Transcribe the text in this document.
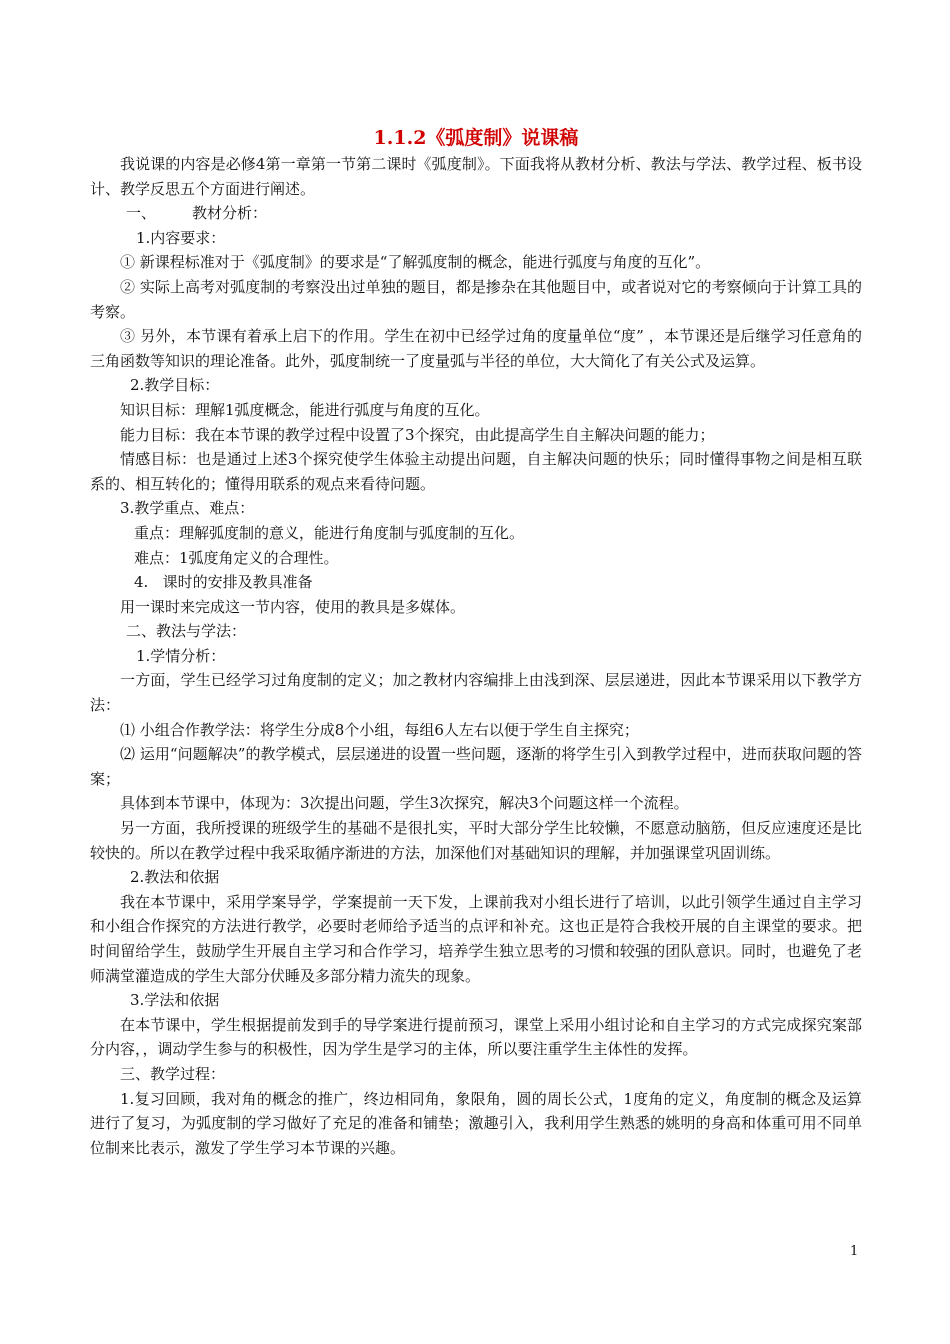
1.1.2《弧度制》说课稿

我说课的内容是必修4第一章第一节第二课时《弧度制》。下面我将从教材分析、教法与学法、教学过程、板书设计、教学反思五个方面进行阐述。

一、 教材分析：

1.内容要求：

① 新课程标准对于《弧度制》的要求是“了解弧度制的概念，能进行弧度与角度的互化”。

② 实际上高考对弧度制的考察没出过单独的题目，都是掺杂在其他题目中，或者说对它的考察倾向于计算工具的考察。

③ 另外，本节课有着承上启下的作用。学生在初中已经学过角的度量单位“度” ，本节课还是后继学习任意角的三角函数等知识的理论准备。此外，弧度制统一了度量弧与半径的单位，大大简化了有关公式及运算。

2.教学目标：

知识目标：理解1弧度概念，能进行弧度与角度的互化。

能力目标：我在本节课的教学过程中设置了3个探究，由此提高学生自主解决问题的能力；

情感目标：也是通过上述3个探究使学生体验主动提出问题，自主解决问题的快乐；同时懂得事物之间是相互联系的、相互转化的；懂得用联系的观点来看待问题。

3.教学重点、难点：

重点：理解弧度制的意义，能进行角度制与弧度制的互化。

难点：1弧度角定义的合理性。

4.   课时的安排及教具准备

用一课时来完成这一节内容，使用的教具是多媒体。

二、教法与学法：

1.学情分析：

一方面，学生已经学习过角度制的定义；加之教材内容编排上由浅到深、层层递进，因此本节课采用以下教学方法：

⑴ 小组合作教学法：将学生分成8个小组，每组6人左右以便于学生自主探究；

⑵ 运用“问题解决”的教学模式，层层递进的设置一些问题，逐渐的将学生引入到教学过程中，进而获取问题的答案；

具体到本节课中，体现为：3次提出问题，学生3次探究，解决3个问题这样一个流程。

另一方面，我所授课的班级学生的基础不是很扎实，平时大部分学生比较懒，不愿意动脑筋，但反应速度还是比较快的。所以在教学过程中我采取循序渐进的方法，加深他们对基础知识的理解，并加强课堂巩固训练。

2.教法和依据

我在本节课中，采用学案导学，学案提前一天下发，上课前我对小组长进行了培训，以此引领学生通过自主学习和小组合作探究的方法进行教学，必要时老师给予适当的点评和补充。这也正是符合我校开展的自主课堂的要求。把时间留给学生，鼓励学生开展自主学习和合作学习，培养学生独立思考的习惯和较强的团队意识。同时，也避免了老师满堂灌造成的学生大部分伏睡及多部分精力流失的现象。

3.学法和依据

在本节课中，学生根据提前发到手的导学案进行提前预习，课堂上采用小组讨论和自主学习的方式完成探究案部分内容，，调动学生参与的积极性，因为学生是学习的主体，所以要注重学生主体性的发挥。

三、教学过程：

1.复习回顾，我对角的概念的推广，终边相同角，象限角，圆的周长公式，1度角的定义，角度制的概念及运算进行了复习，为弧度制的学习做好了充足的准备和铺垫；激趣引入，我利用学生熟悉的姚明的身高和体重可用不同单位制来比表示，激发了学生学习本节课的兴趣。

1
